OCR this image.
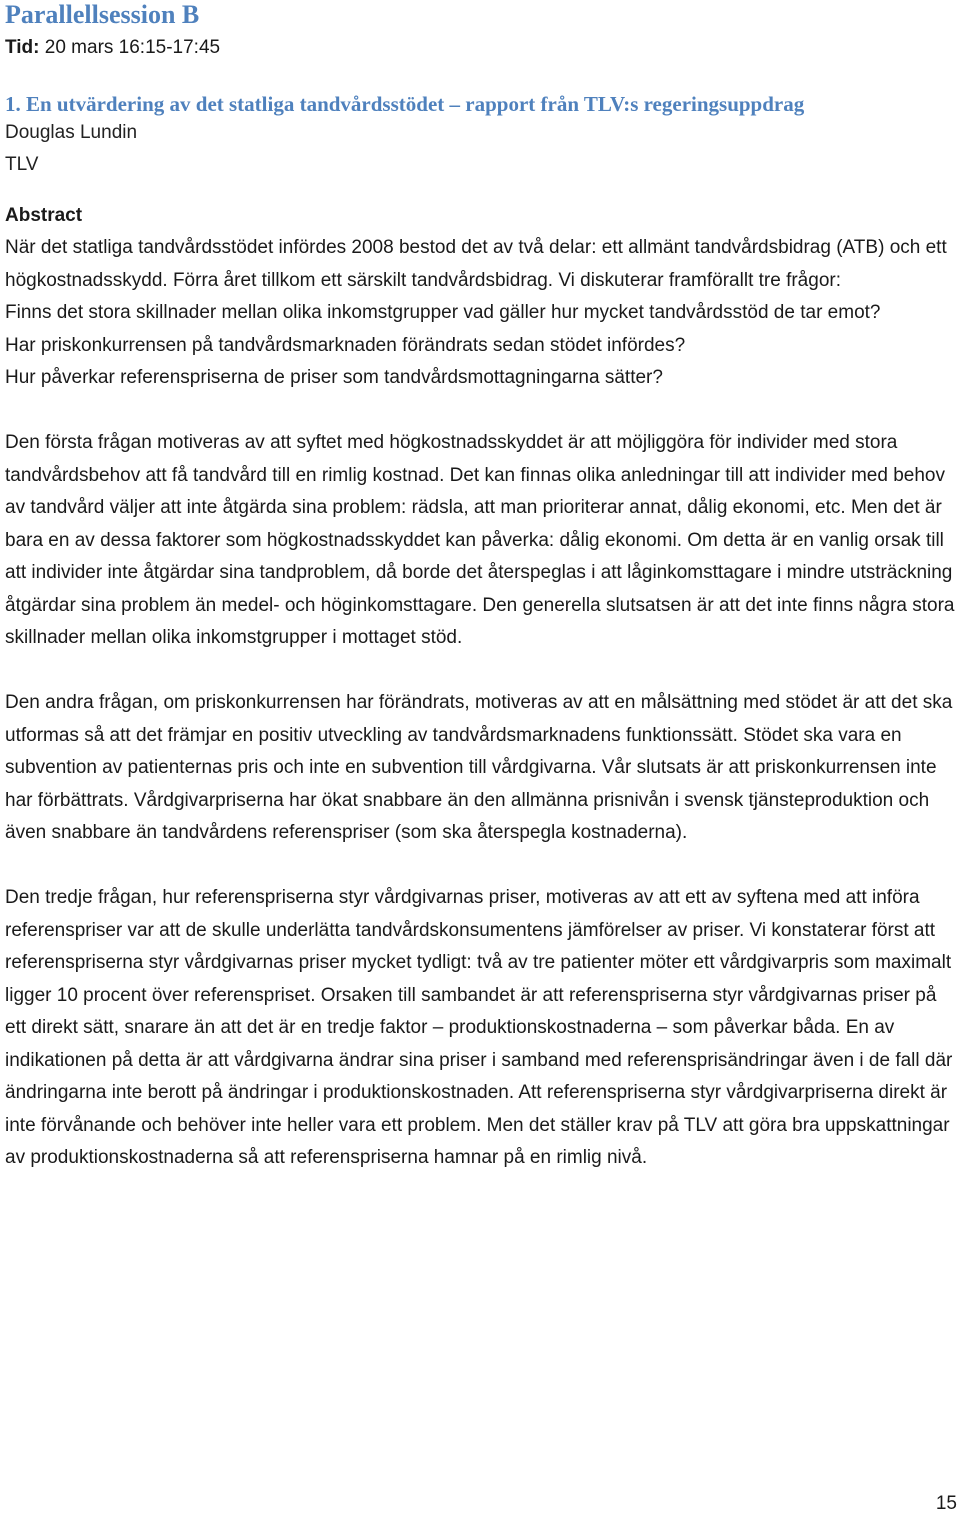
Parallellsession B
Tid: 20 mars 16:15-17:45
1. En utvärdering av det statliga tandvårdsstödet – rapport från TLV:s regeringsuppdrag
Douglas Lundin
TLV
Abstract

När det statliga tandvårdsstödet infördes 2008 bestod det av två delar: ett allmänt tandvårdsbidrag (ATB) och ett högkostnadsskydd. Förra året tillkom ett särskilt tandvårdsbidrag. Vi diskuterar framförallt tre frågor:

Finns det stora skillnader mellan olika inkomstgrupper vad gäller hur mycket tandvårdsstöd de tar emot?

Har priskonkurrensen på tandvårdsmarknaden förändrats sedan stödet infördes?

Hur påverkar referenspriserna de priser som tandvårdsmottagningarna sätter?

Den första frågan motiveras av att syftet med högkostnadsskyddet är att möjliggöra för individer med stora tandvårdsbehov att få tandvård till en rimlig kostnad. Det kan finnas olika anledningar till att individer med behov av tandvård väljer att inte åtgärda sina problem: rädsla, att man prioriterar annat, dålig ekonomi, etc. Men det är bara en av dessa faktorer som högkostnadsskyddet kan påverka: dålig ekonomi. Om detta är en vanlig orsak till att individer inte åtgärdar sina tandproblem, då borde det återspeglas i att låginkomsttagare i mindre utsträckning åtgärdar sina problem än medel- och höginkomsttagare. Den generella slutsatsen är att det inte finns några stora skillnader mellan olika inkomstgrupper i mottaget stöd.

Den andra frågan, om priskonkurrensen har förändrats, motiveras av att en målsättning med stödet är att det ska utformas så att det främjar en positiv utveckling av tandvårdsmarknadens funktionssätt. Stödet ska vara en subvention av patienternas pris och inte en subvention till vårdgivarna. Vår slutsats är att priskonkurrensen inte har förbättrats. Vårdgivarpriserna har ökat snabbare än den allmänna prisnivån i svensk tjänsteproduktion och även snabbare än tandvårdens referenspriser (som ska återspegla kostnaderna).

Den tredje frågan, hur referenspriserna styr vårdgivarnas priser, motiveras av att ett av syftena med att införa referenspriser var att de skulle underlätta tandvårdskonsumentens jämförelser av priser. Vi konstaterar först att referenspriserna styr vårdgivarnas priser mycket tydligt: två av tre patienter möter ett vårdgivarpris som maximalt ligger 10 procent över referenspriset. Orsaken till sambandet är att referenspriserna styr vårdgivarnas priser på ett direkt sätt, snarare än att det är en tredje faktor – produktionskostnaderna – som påverkar båda. En av indikationen på detta är att vårdgivarna ändrar sina priser i samband med referensprisändringar även i de fall där ändringarna inte berott på ändringar i produktionskostnaden. Att referenspriserna styr vårdgivarpriserna direkt är inte förvånande och behöver inte heller vara ett problem. Men det ställer krav på TLV att göra bra uppskattningar av produktionskostnaderna så att referenspriserna hamnar på en rimlig nivå.

15
